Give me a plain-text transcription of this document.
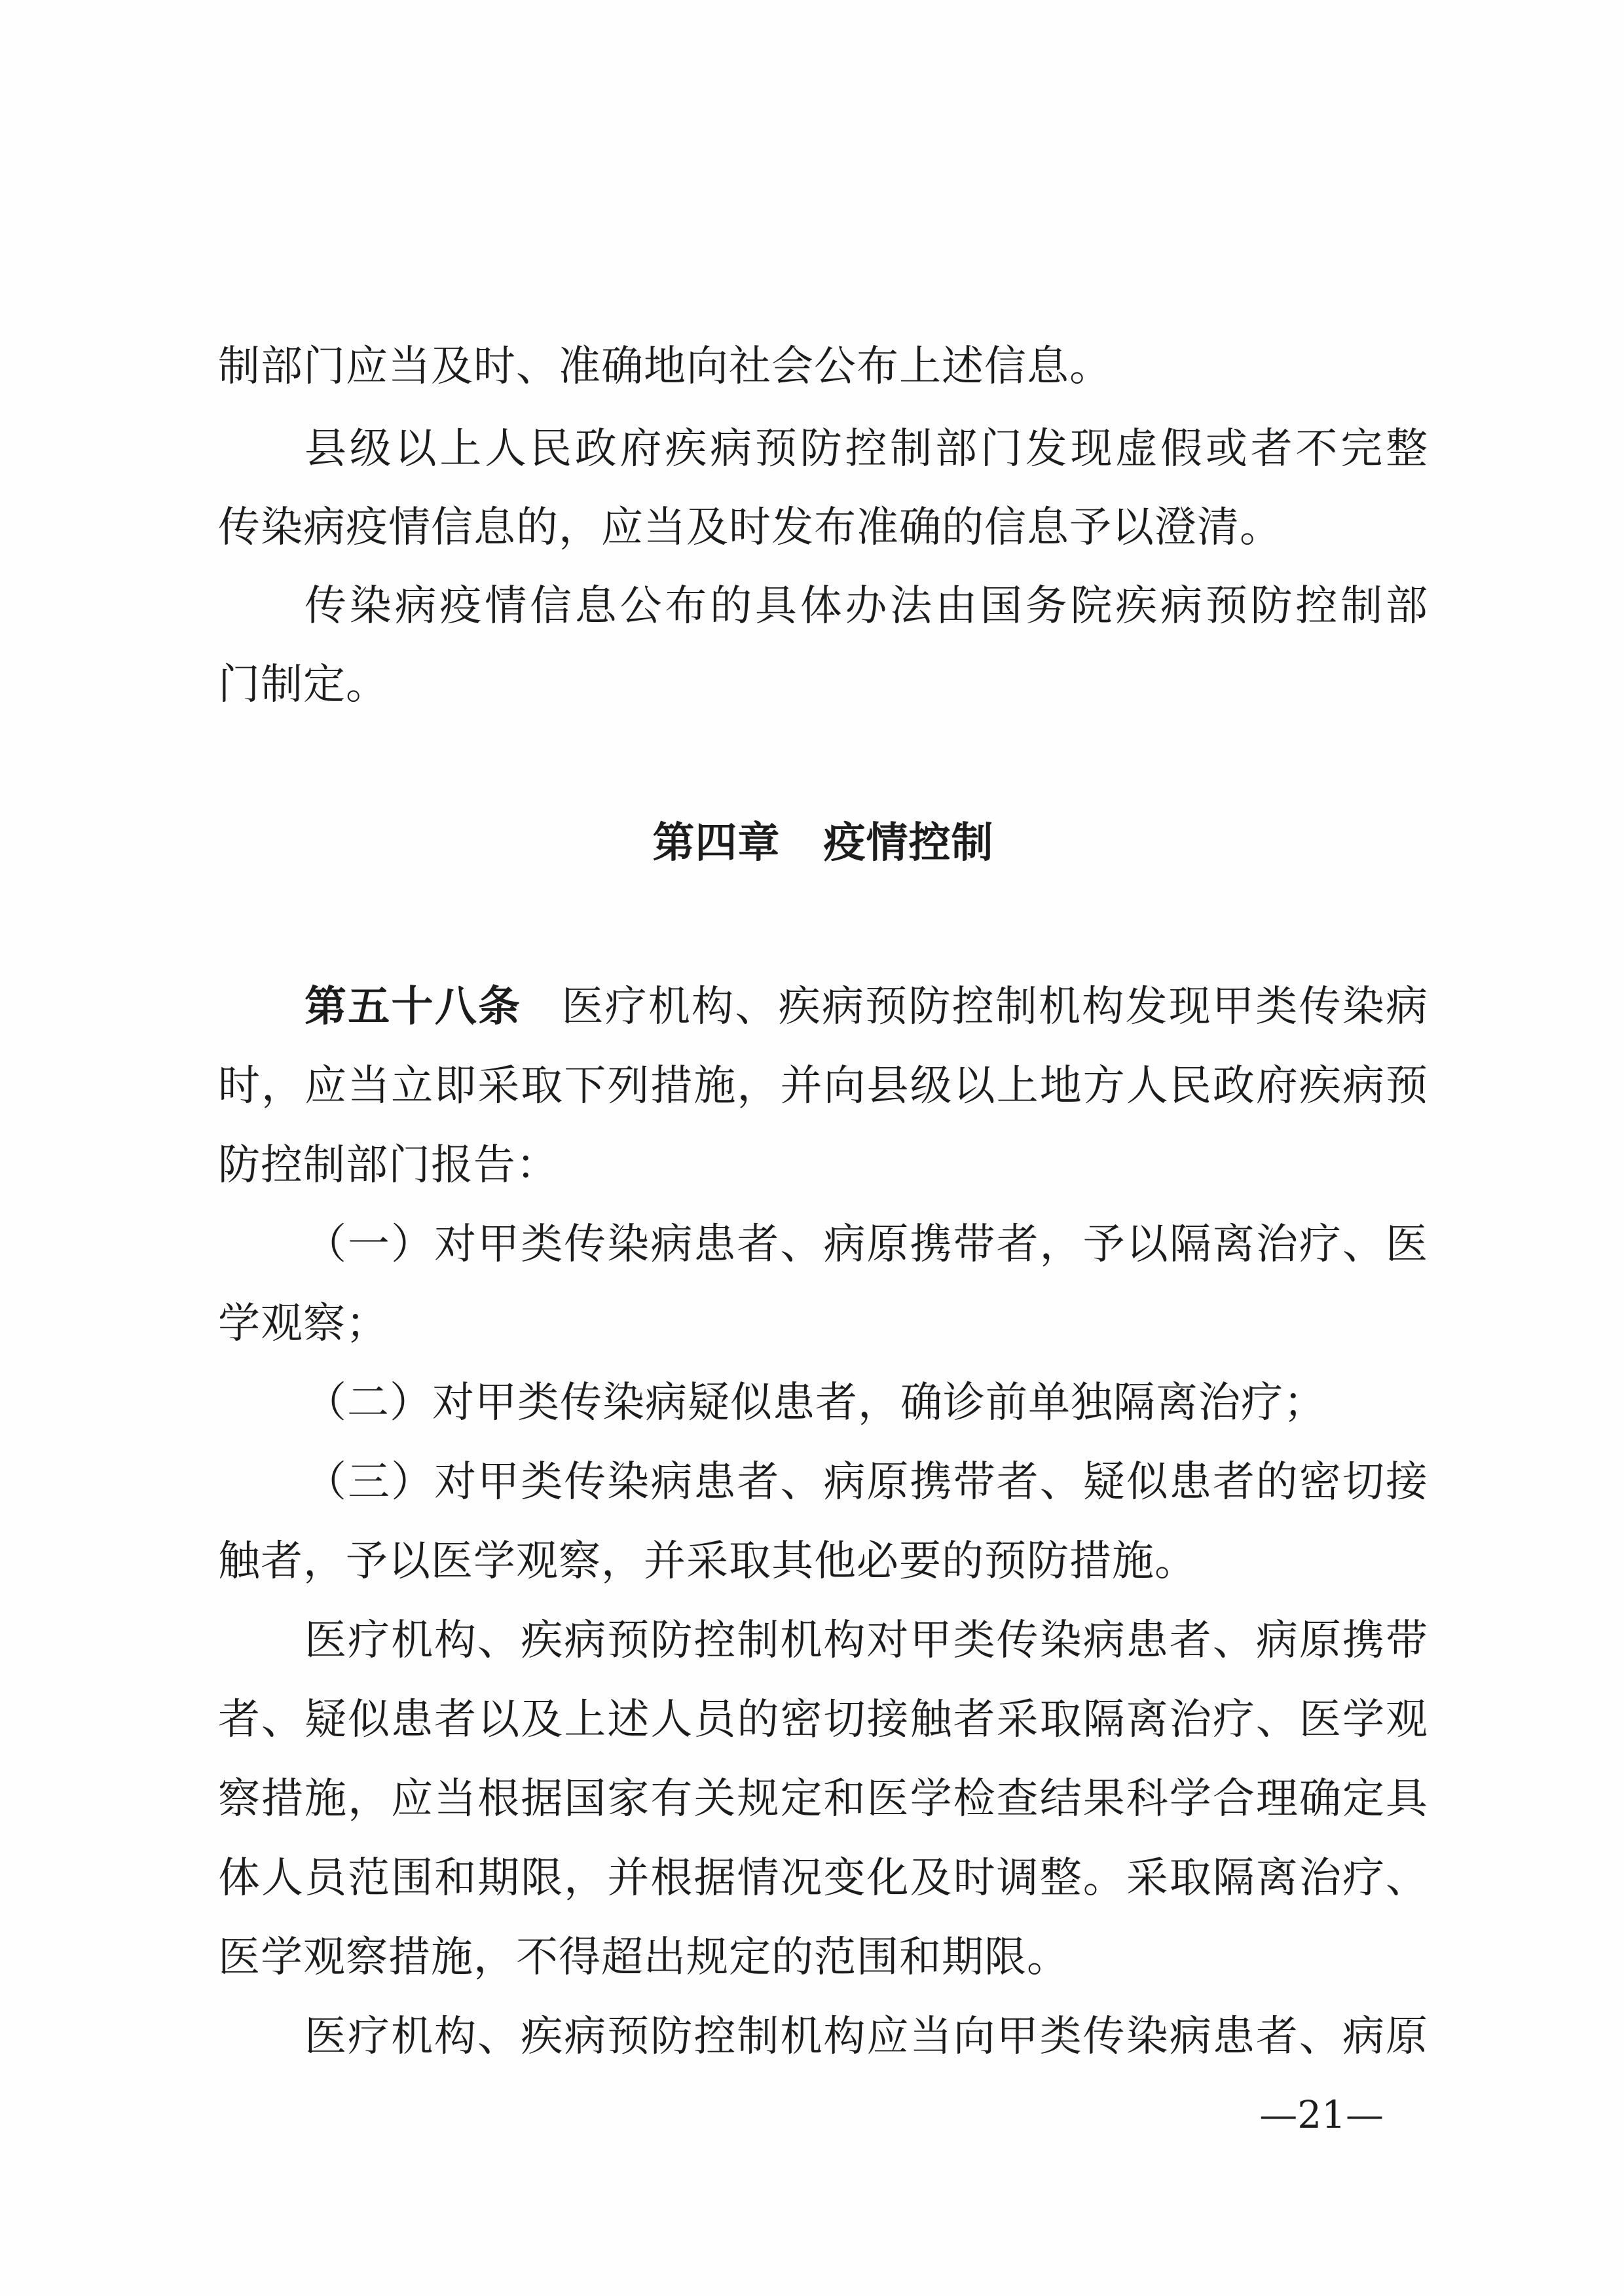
制部门应当及时、准确地向社会公布上述信息。
县级以上人民政府疾病预防控制部门发现虚假或者不完整
传染病疫情信息的，应当及时发布准确的信息予以澄清。
传染病疫情信息公布的具体办法由国务院疾病预防控制部
门制定。
第四章 疫情控制
第五十八条 医疗机构、疾病预防控制机构发现甲类传染病
时，应当立即采取下列措施，并向县级以上地方人民政府疾病预
防控制部门报告：
（一）对甲类传染病患者、病原携带者，予以隔离治疗、医
学观察；
（二）对甲类传染病疑似患者，确诊前单独隔离治疗；
（三）对甲类传染病患者、病原携带者、疑似患者的密切接
触者，予以医学观察，并采取其他必要的预防措施。
医疗机构、疾病预防控制机构对甲类传染病患者、病原携带
者、疑似患者以及上述人员的密切接触者采取隔离治疗、医学观
察措施，应当根据国家有关规定和医学检查结果科学合理确定具
体人员范围和期限，并根据情况变化及时调整。采取隔离治疗、
医学观察措施，不得超出规定的范围和期限。
医疗机构、疾病预防控制机构应当向甲类传染病患者、病原
—21—
